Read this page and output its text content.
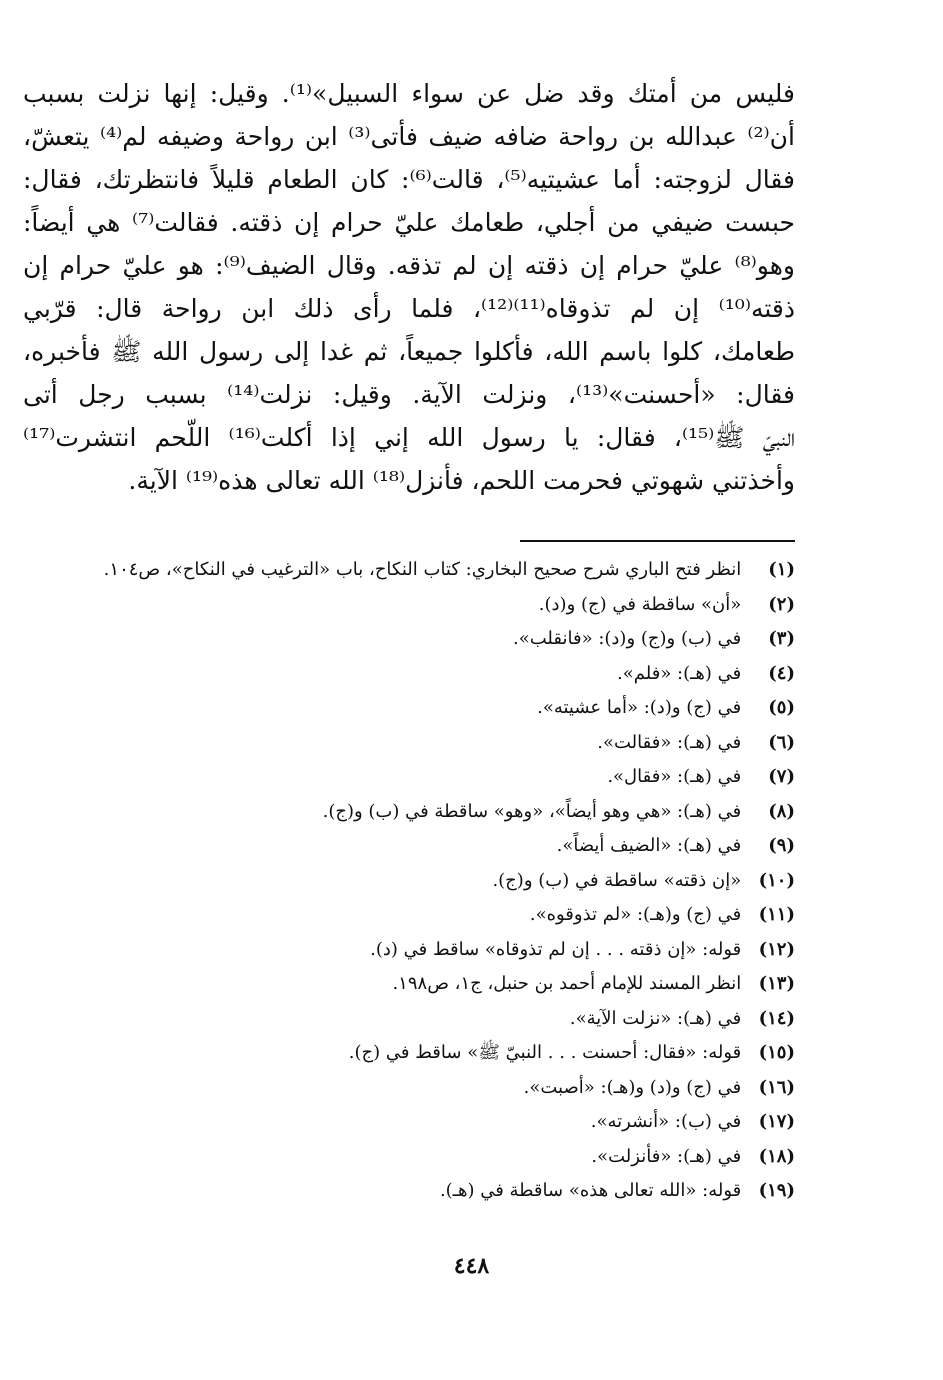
فليس من أمتك وقد ضل عن سواء السبيل»⁽¹⁾. وقيل: إنها نزلت بسبب
أن⁽²⁾ عبدالله بن رواحة ضافه ضيف فأتى⁽³⁾ ابن رواحة وضيفه لم⁽⁴⁾ يتعشّ،
فقال لزوجته: أما عشيتيه⁽⁵⁾، قالت⁽⁶⁾: كان الطعام قليلاً فانتظرتك، فقال:
حبست ضيفي من أجلي، طعامك عليّ حرام إن ذقته. فقالت⁽⁷⁾ هي أيضاً:
وهو⁽⁸⁾ عليّ حرام إن ذقته إن لم تذقه. وقال الضيف⁽⁹⁾: هو عليّ حرام إن
ذقته⁽¹⁰⁾ إن لم تذوقاه⁽¹¹⁾⁽¹²⁾، فلما رأى ذلك ابن رواحة قال: قرّبي
طعامك، كلوا باسم الله، فأكلوا جميعاً، ثم غدا إلى رسول الله ﷺ فأخبره،
فقال: «أحسنت»⁽¹³⁾، ونزلت الآية. وقيل: نزلت⁽¹⁴⁾ بسبب رجل أتى
النبيّ ﷺ⁽¹⁵⁾، فقال: يا رسول الله إني إذا أكلت⁽¹⁶⁾ اللّحم انتشرت⁽¹⁷⁾
وأخذتني شهوتي فحرمت اللحم، فأنزل⁽¹⁸⁾ الله تعالى هذه⁽¹⁹⁾ الآية.
(١) انظر فتح الباري شرح صحيح البخاري: كتاب النكاح، باب «الترغيب في النكاح»، ص١٠٤.
(٢) «أن» ساقطة في (ج) و(د).
(٣) في (ب) و(ج) و(د): «فانقلب».
(٤) في (هـ): «فلم».
(٥) في (ج) و(د): «أما عشيته».
(٦) في (هـ): «فقالت».
(٧) في (هـ): «فقال».
(٨) في (هـ): «هي وهو أيضاً»، «وهو» ساقطة في (ب) و(ج).
(٩) في (هـ): «الضيف أيضاً».
(١٠) «إن ذقته» ساقطة في (ب) و(ج).
(١١) في (ج) و(هـ): «لم تذوقوه».
(١٢) قوله: «إن ذقته . . . إن لم تذوقاه» ساقط في (د).
(١٣) انظر المسند للإمام أحمد بن حنبل، ج١، ص١٩٨.
(١٤) في (هـ): «نزلت الآية».
(١٥) قوله: «فقال: أحسنت . . . النبيّ ﷺ» ساقط في (ج).
(١٦) في (ج) و(د) و(هـ): «أصبت».
(١٧) في (ب): «أنشرته».
(١٨) في (هـ): «فأنزلت».
(١٩) قوله: «الله تعالى هذه» ساقطة في (هـ).
٤٤٨
